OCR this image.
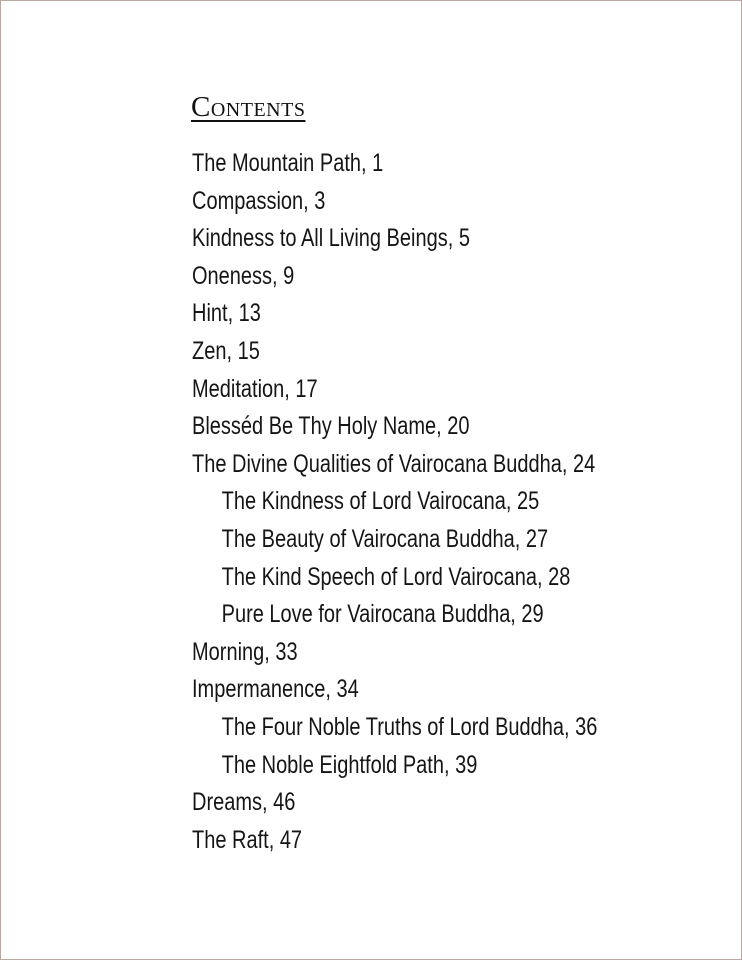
Contents
The Mountain Path, 1
Compassion, 3
Kindness to All Living Beings, 5
Oneness, 9
Hint, 13
Zen, 15
Meditation, 17
Blesséd Be Thy Holy Name, 20
The Divine Qualities of Vairocana Buddha, 24
The Kindness of Lord Vairocana, 25
The Beauty of Vairocana Buddha, 27
The Kind Speech of Lord Vairocana, 28
Pure Love for Vairocana Buddha, 29
Morning, 33
Impermanence, 34
The Four Noble Truths of Lord Buddha, 36
The Noble Eightfold Path, 39
Dreams, 46
The Raft, 47
